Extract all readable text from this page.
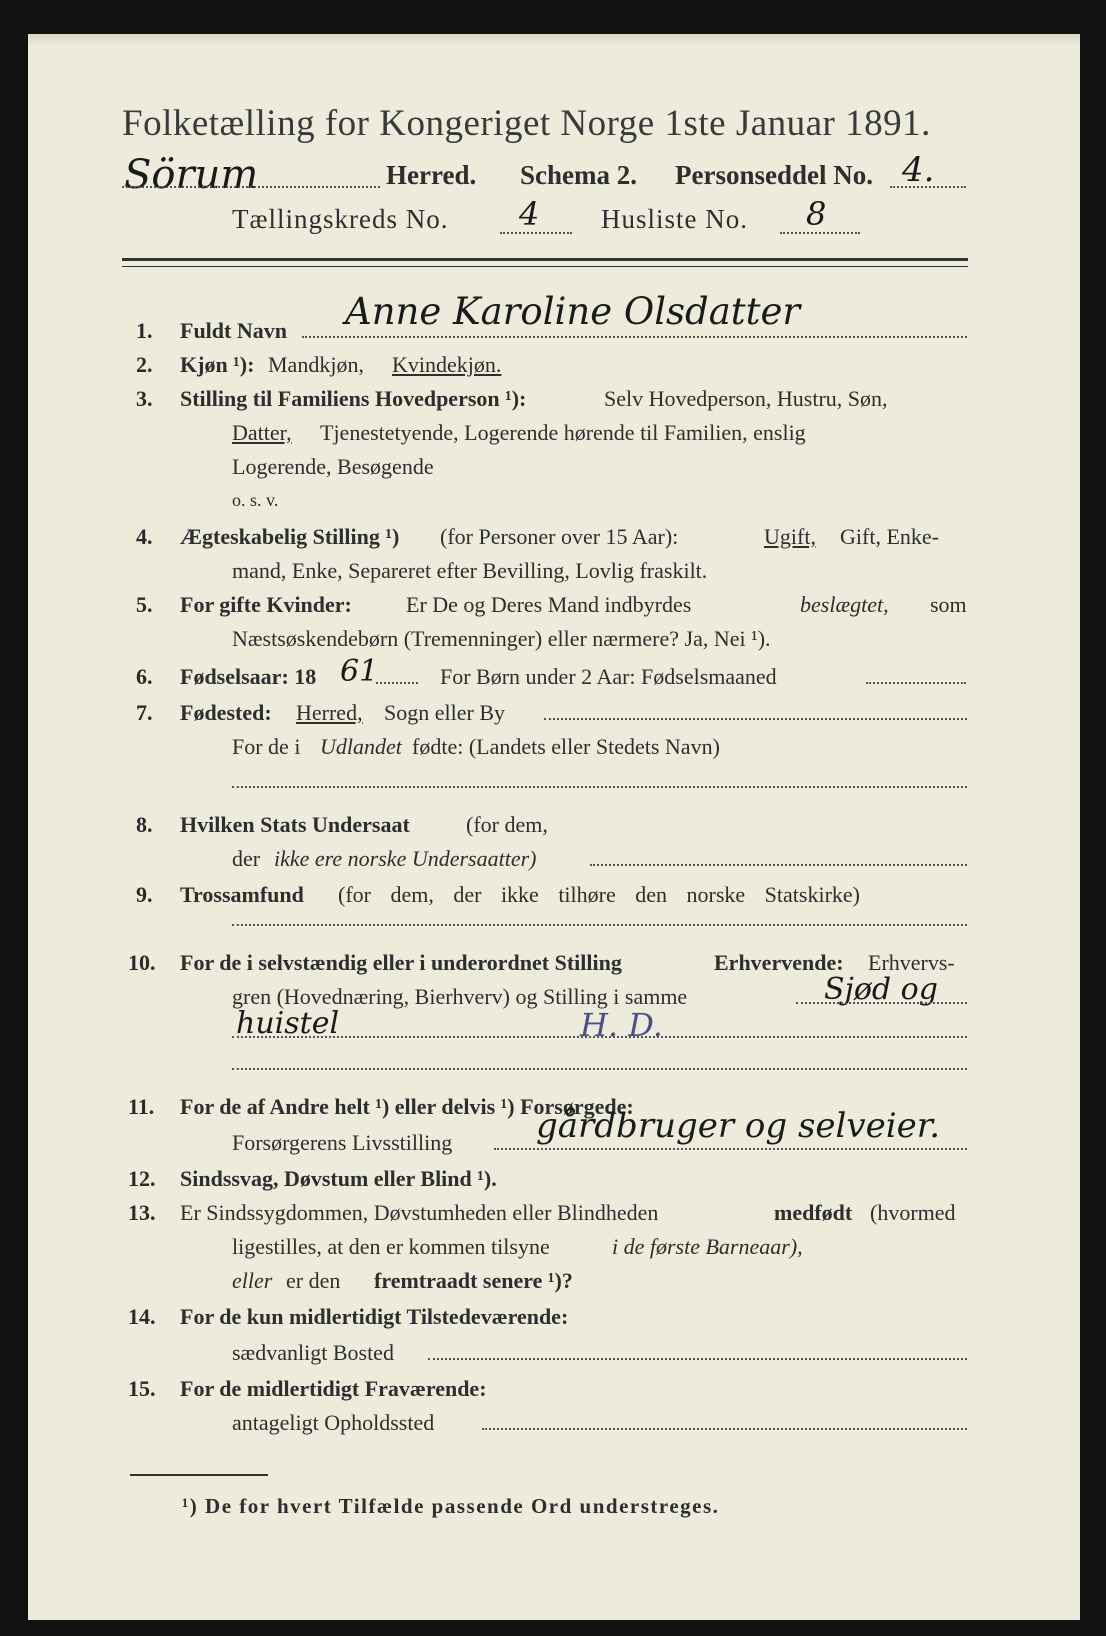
Folketælling for Kongeriget Norge 1ste Januar 1891.
Sörum	Herred. Schema 2. Personseddel No. 4.
Tællingskreds No. 4 Husliste No. 8
1. Fuldt Navn Anne Karoline Olsdatter
2. Kjøn ¹): Mandkjøn, Kvindekjøn.
3. Stilling til Familiens Hovedperson ¹):	Selv Hovedperson, Hustru, Søn,
Datter, Tjenestetyende, Logerende hørende til Familien, enslig
Logerende, Besøgende
o. s. v.
4. Ægteskabelig Stilling ¹) (for Personer over 15 Aar):	Ugift, Gift, Enke-
mand, Enke, Separeret efter Bevilling, Lovlig fraskilt.
5. For gifte Kvinder: Er De og Deres Mand indbyrdes	beslægtet, som
Næstsøskendebørn (Tremenninger) eller nærmere? Ja, Nei ¹).
6. Fødselsaar: 18 61	For Børn under 2 Aar: Fødselsmaaned
7. Fødested: Herred, Sogn eller By
For de i Udlandet fødte: (Landets eller Stedets Navn)
8. Hvilken Stats Undersaat	(for dem,
der ikke ere norske Undersaatter)
9. Trossamfund (for dem, der ikke tilhøre den norske Statskirke)
10. For de i selvstændig eller i underordnet Stilling	Erhvervende: Erhvervs-
gren (Hovednæring, Bierhverv) og Stilling i samme	Sjød og
huistel	H. D.
11. For de af Andre helt ¹) eller delvis ¹) Forsørgede:
Forsørgerens Livsstilling gårdbruger og selveier.
12. Sindssvag, Døvstum eller Blind ¹).
13. Er Sindssygdommen, Døvstumheden eller Blindheden	medfødt (hvormed
ligestilles, at den er kommen tilsyne	i de første Barneaar),
eller er den fremtraadt senere ¹)?
14. For de kun midlertidigt Tilstedeværende:
sædvanligt Bosted
15. For de midlertidigt Fraværende:
antageligt Opholdssted
¹) De for hvert Tilfælde passende Ord understreges.
